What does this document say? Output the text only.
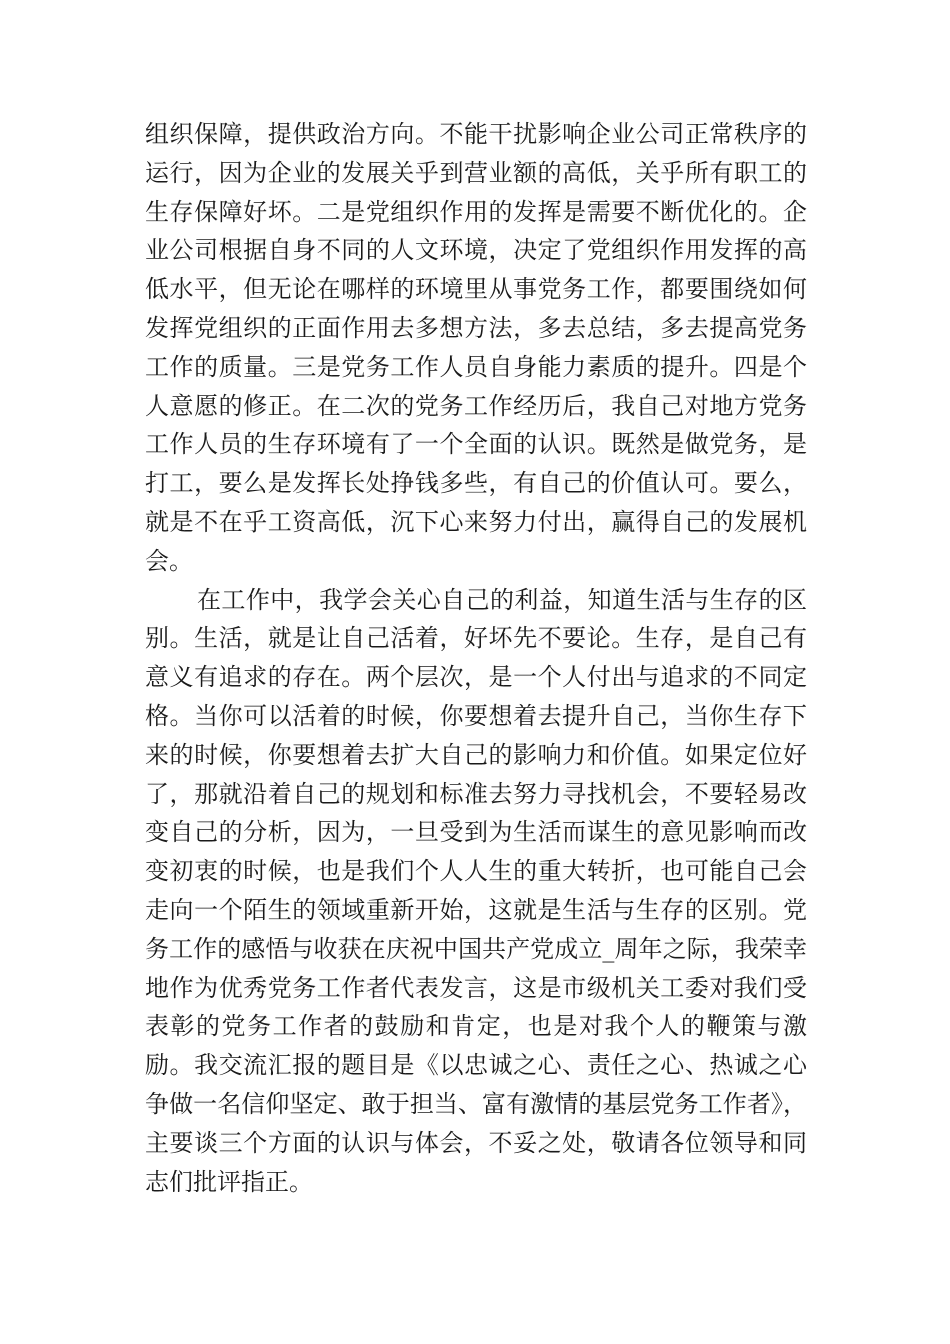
组织保障，提供政治方向。不能干扰影响企业公司正常秩序的运行，因为企业的发展关乎到营业额的高低，关乎所有职工的生存保障好坏。二是党组织作用的发挥是需要不断优化的。企业公司根据自身不同的人文环境，决定了党组织作用发挥的高低水平，但无论在哪样的环境里从事党务工作，都要围绕如何发挥党组织的正面作用去多想方法，多去总结，多去提高党务工作的质量。三是党务工作人员自身能力素质的提升。四是个人意愿的修正。在二次的党务工作经历后，我自己对地方党务工作人员的生存环境有了一个全面的认识。既然是做党务，是打工，要么是发挥长处挣钱多些，有自己的价值认可。要么，就是不在乎工资高低，沉下心来努力付出，赢得自己的发展机会。

在工作中，我学会关心自己的利益，知道生活与生存的区别。生活，就是让自己活着，好坏先不要论。生存，是自己有意义有追求的存在。两个层次，是一个人付出与追求的不同定格。当你可以活着的时候，你要想着去提升自己，当你生存下来的时候，你要想着去扩大自己的影响力和价值。如果定位好了，那就沿着自己的规划和标准去努力寻找机会，不要轻易改变自己的分析，因为，一旦受到为生活而谋生的意见影响而改变初衷的时候，也是我们个人人生的重大转折，也可能自己会走向一个陌生的领域重新开始，这就是生活与生存的区别。党务工作的感悟与收获在庆祝中国共产党成立_周年之际，我荣幸地作为优秀党务工作者代表发言，这是市级机关工委对我们受表彰的党务工作者的鼓励和肯定，也是对我个人的鞭策与激励。我交流汇报的题目是《以忠诚之心、责任之心、热诚之心争做一名信仰坚定、敢于担当、富有激情的基层党务工作者》，主要谈三个方面的认识与体会，不妥之处，敬请各位领导和同志们批评指正。
